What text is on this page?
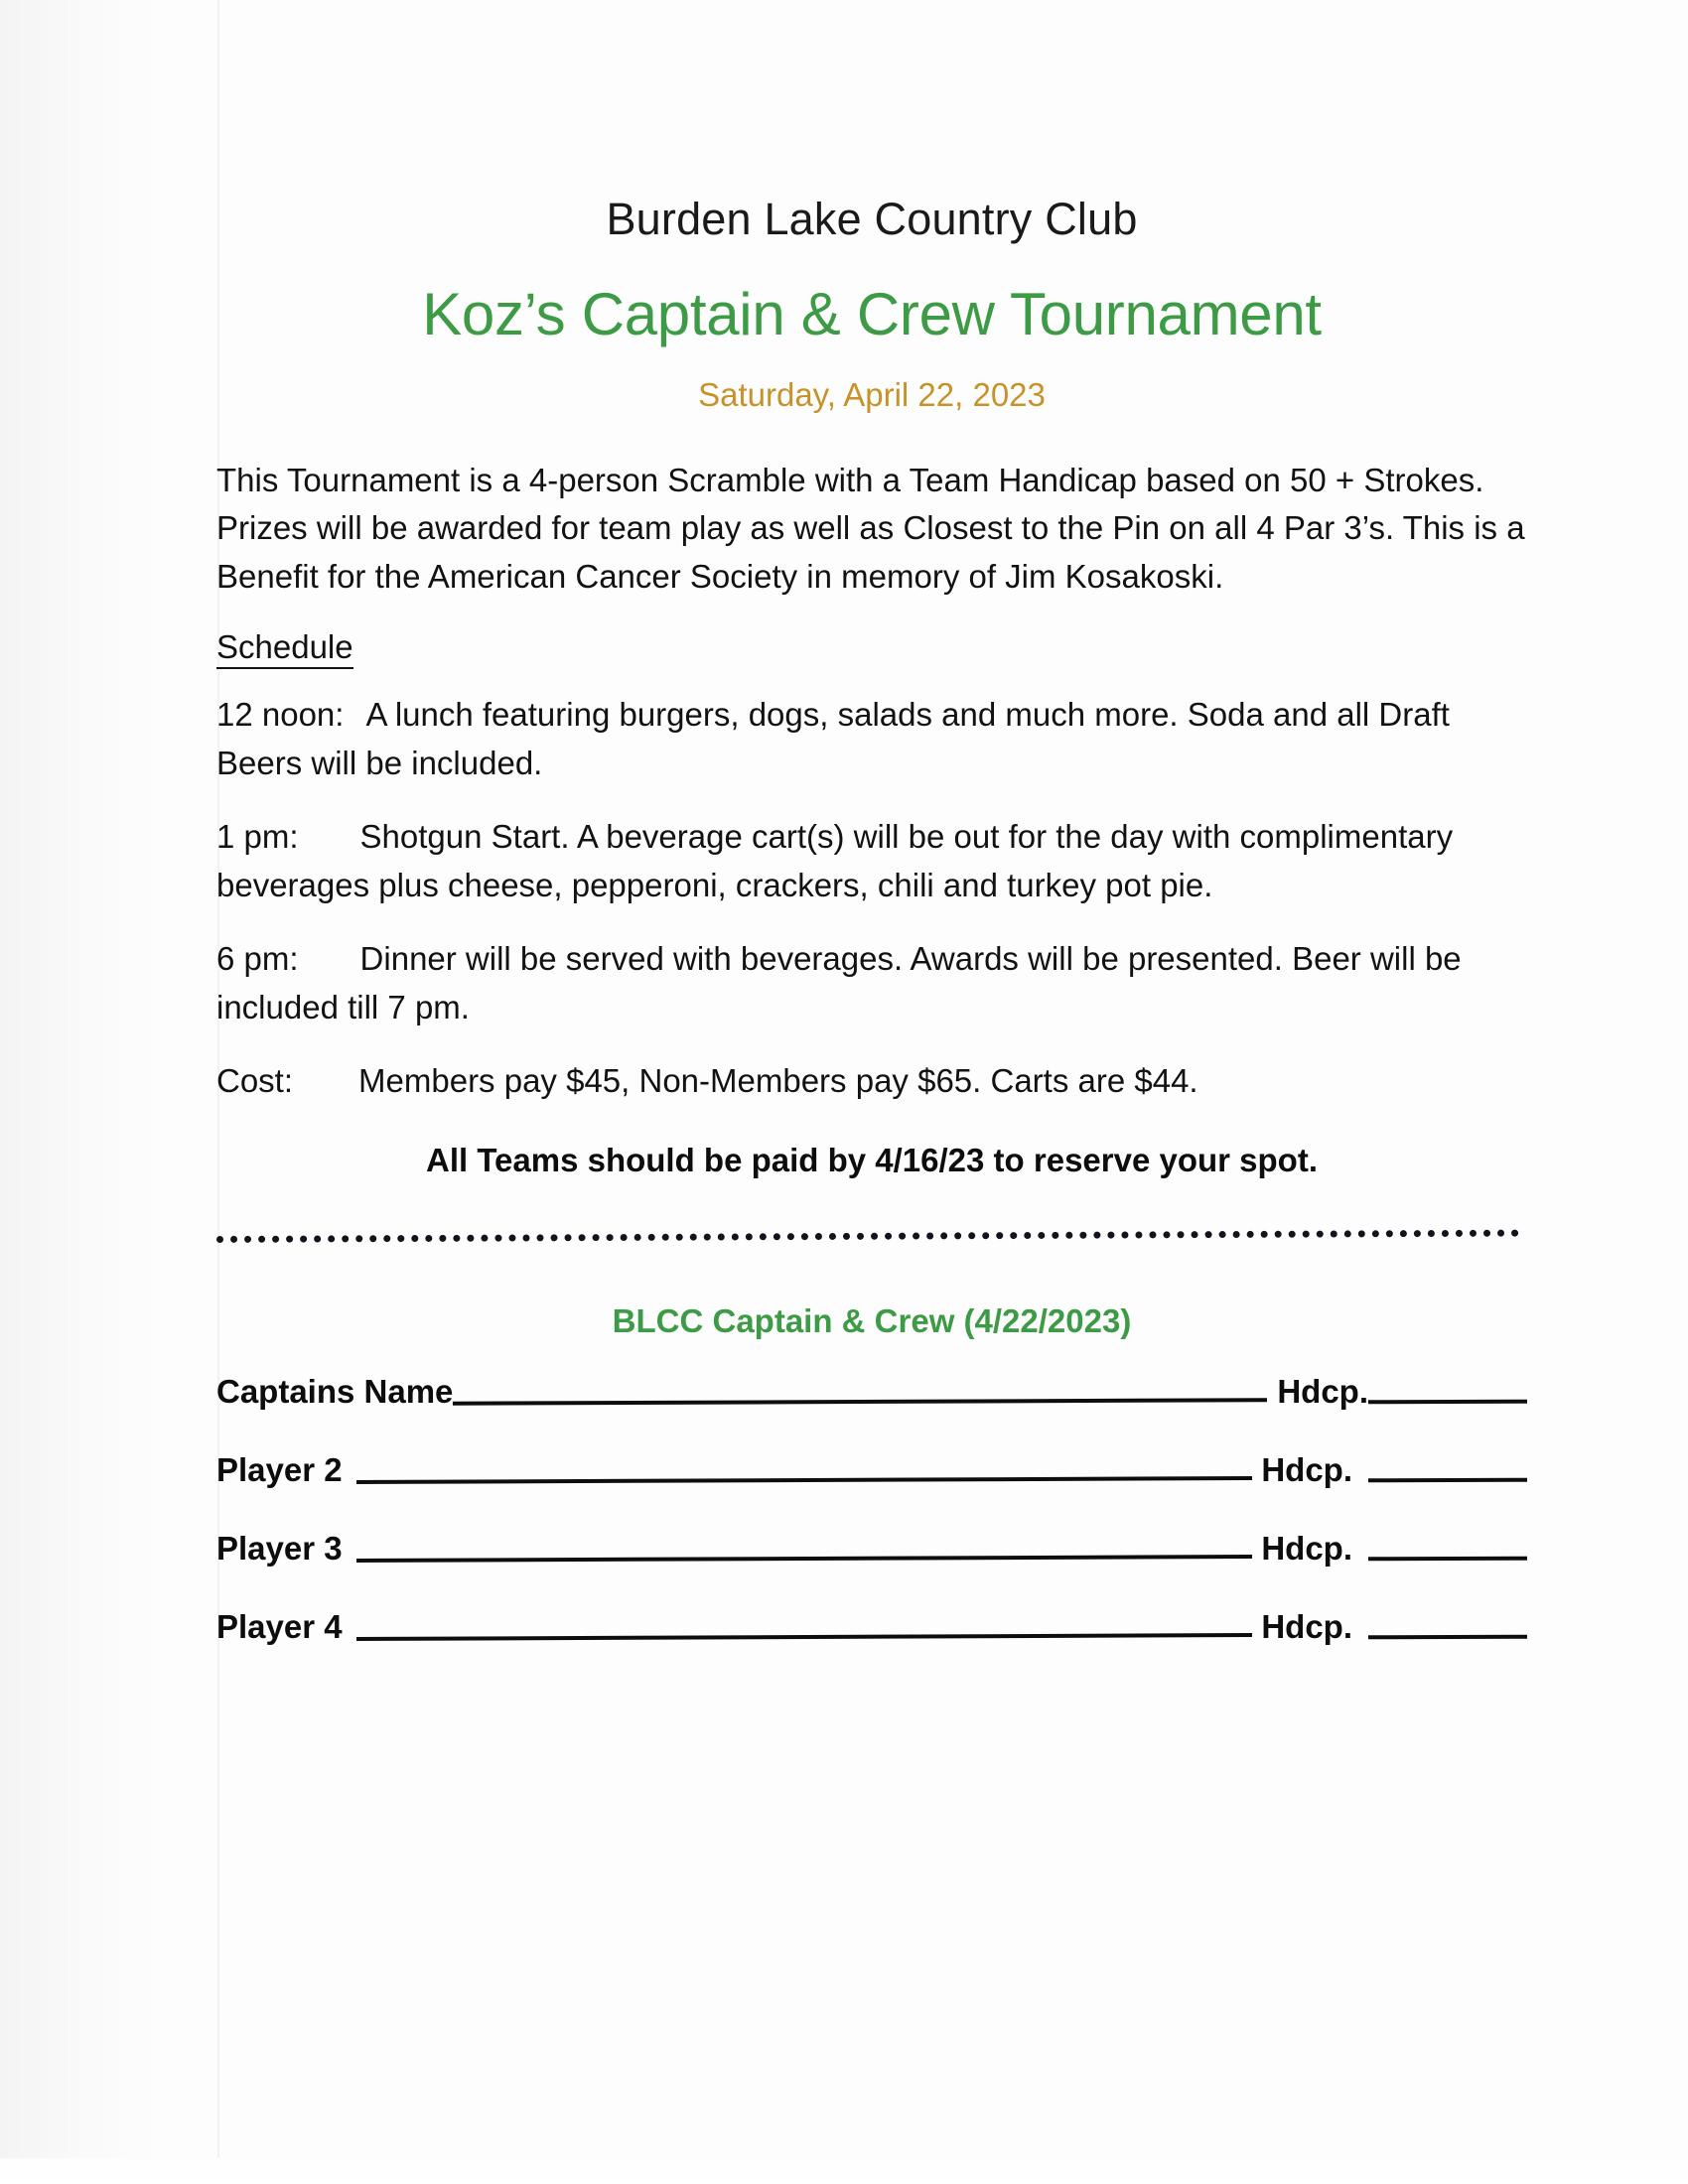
Burden Lake Country Club
Koz’s Captain & Crew Tournament
Saturday, April 22, 2023

This Tournament is a 4-person Scramble with a Team Handicap based on 50 + Strokes. Prizes will be awarded for team play as well as Closest to the Pin on all 4 Par 3’s. This is a Benefit for the American Cancer Society in memory of Jim Kosakoski.

Schedule

12 noon: A lunch featuring burgers, dogs, salads and much more. Soda and all Draft Beers will be included.

1 pm: Shotgun Start. A beverage cart(s) will be out for the day with complimentary beverages plus cheese, pepperoni, crackers, chili and turkey pot pie.

6 pm: Dinner will be served with beverages. Awards will be presented. Beer will be included till 7 pm.

Cost: Members pay $45, Non-Members pay $65. Carts are $44.

All Teams should be paid by 4/16/23 to reserve your spot.

BLCC Captain & Crew (4/22/2023)
Captains Name	Hdcp.
Player 2	Hdcp.
Player 3	Hdcp.
Player 4	Hdcp.
